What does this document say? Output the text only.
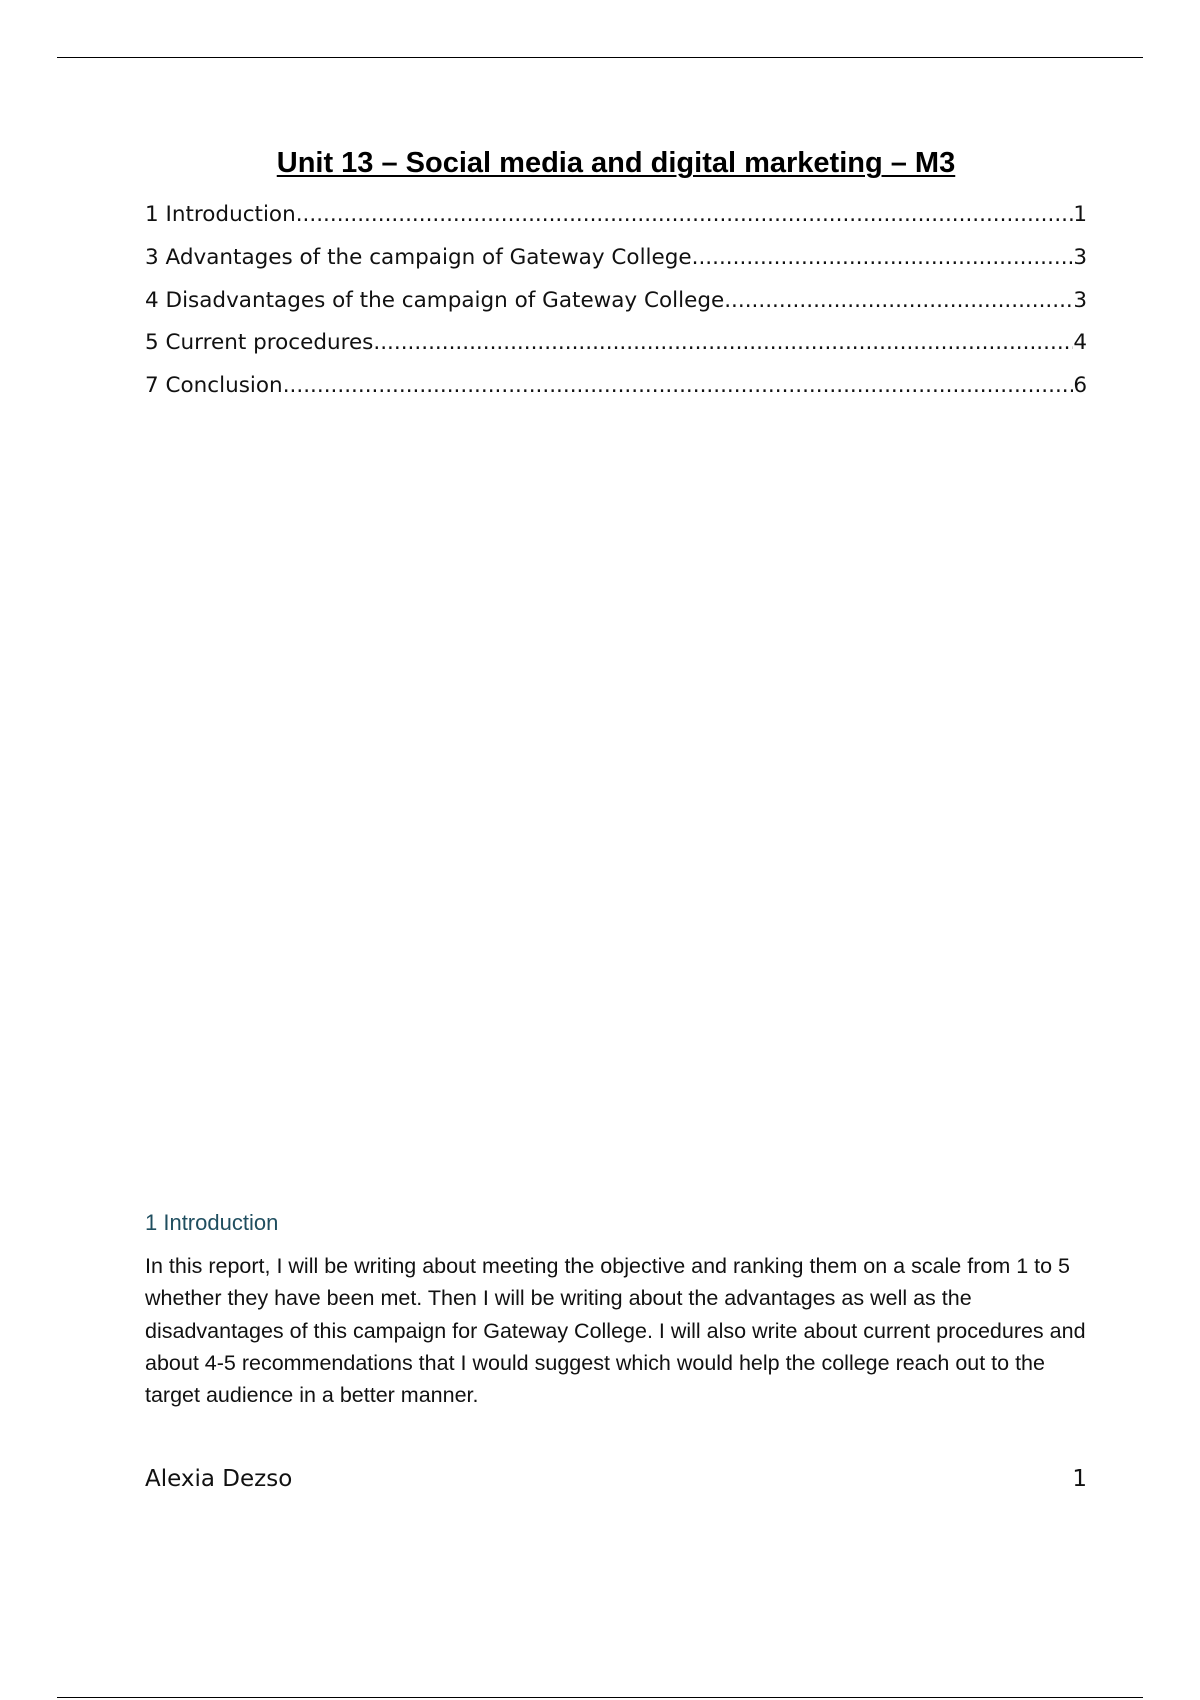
Unit 13 – Social media and digital marketing – M3
1 Introduction .....	1
3 Advantages of the campaign of Gateway College .....	3
4 Disadvantages of the campaign of Gateway College .....	3
5 Current procedures .....	4
7 Conclusion .....	6
1 Introduction

In this report, I will be writing about meeting the objective and ranking them on a scale from 1 to 5 whether they have been met. Then I will be writing about the advantages as well as the disadvantages of this campaign for Gateway College. I will also write about current procedures and about 4-5 recommendations that I would suggest which would help the college reach out to the target audience in a better manner.

Alexia Dezso	1
